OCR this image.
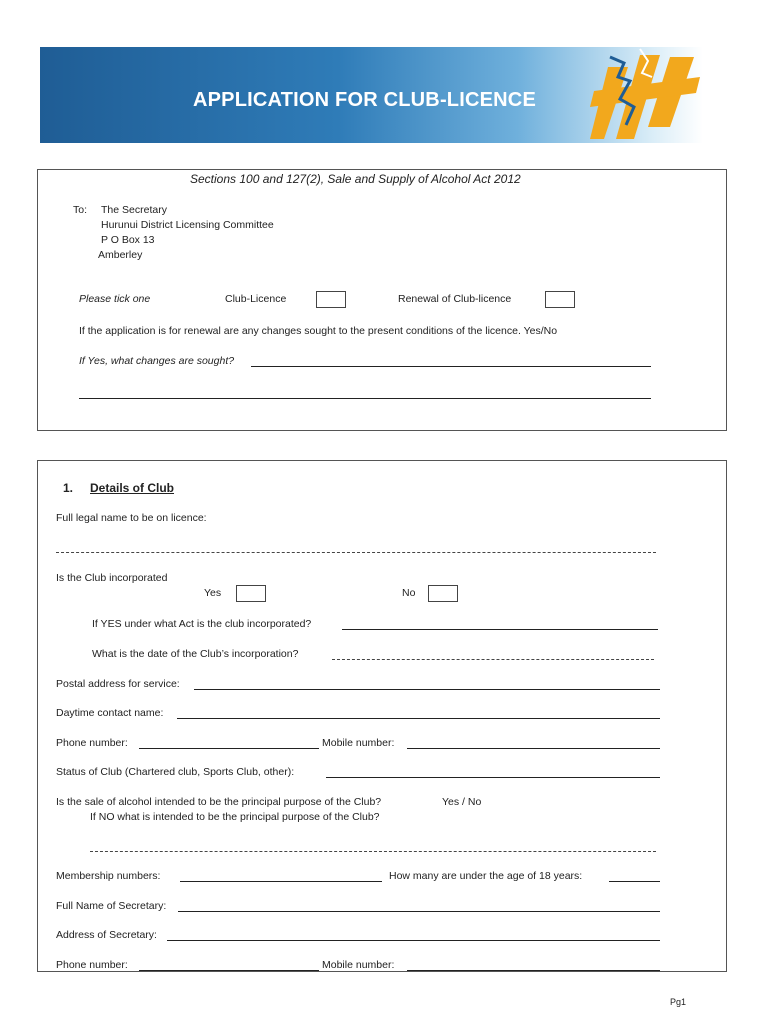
APPLICATION FOR CLUB-LICENCE
Sections 100 and 127(2), Sale and Supply of Alcohol Act 2012
To: The Secretary
Hurunui District Licensing Committee
P O Box 13
Amberley
Please tick one	Club-Licence	Renewal of Club-licence
If the application is for renewal are any changes sought to the present conditions of the licence. Yes/No
If Yes, what changes are sought?
1. Details of Club
Full legal name to be on licence:
Is the Club incorporated
Yes	No
If YES under what Act is the club incorporated?
What is the date of the Club’s incorporation?
Postal address for service:
Daytime contact name:
Phone number:	Mobile number:
Status of Club (Chartered club, Sports Club, other):
Is the sale of alcohol intended to be the principal purpose of the Club?	Yes / No
If NO what is intended to be the principal purpose of the Club?
Membership numbers:	How many are under the age of 18 years:
Full Name of Secretary:
Address of Secretary:
Phone number:	Mobile number:
Pg1
